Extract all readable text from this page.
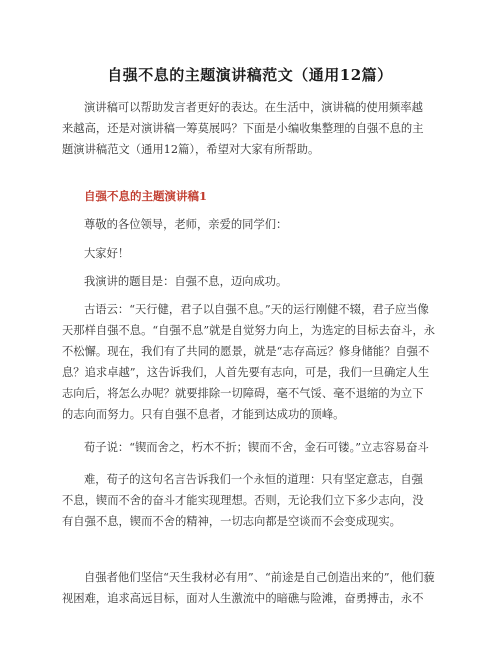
自强不息的主题演讲稿范文（通用12篇）
演讲稿可以帮助发言者更好的表达。在生活中，演讲稿的使用频率越
来越高，还是对演讲稿一筹莫展吗？下面是小编收集整理的自强不息的主
题演讲稿范文（通用12篇），希望对大家有所帮助。
自强不息的主题演讲稿1
尊敬的各位领导，老师，亲爱的同学们：
大家好！
我演讲的题目是：自强不息，迈向成功。
古语云：“天行健，君子以自强不息。”天的运行刚健不辍，君子应当像
天那样自强不息。“自强不息”就是自觉努力向上，为选定的目标去奋斗，永
不松懈。现在，我们有了共同的愿景，就是“志存高远？修身储能？自强不
息？追求卓越”，这告诉我们，人首先要有志向，可是，我们一旦确定人生
志向后，将怎么办呢？就要排除一切障碍，毫不气馁、毫不退缩的为立下
的志向而努力。只有自强不息者，才能到达成功的顶峰。
荀子说：“锲而舍之，朽木不折；锲而不舍，金石可镂。”立志容易奋斗
难，荀子的这句名言告诉我们一个永恒的道理：只有坚定意志，自强
不息，锲而不舍的奋斗才能实现理想。否则，无论我们立下多少志向，没
有自强不息，锲而不舍的精神，一切志向都是空谈而不会变成现实。
自强者他们坚信“天生我材必有用”、“前途是自己创造出来的”，他们藐
视困难，追求高远目标，面对人生激流中的暗礁与险滩，奋勇搏击，永不
